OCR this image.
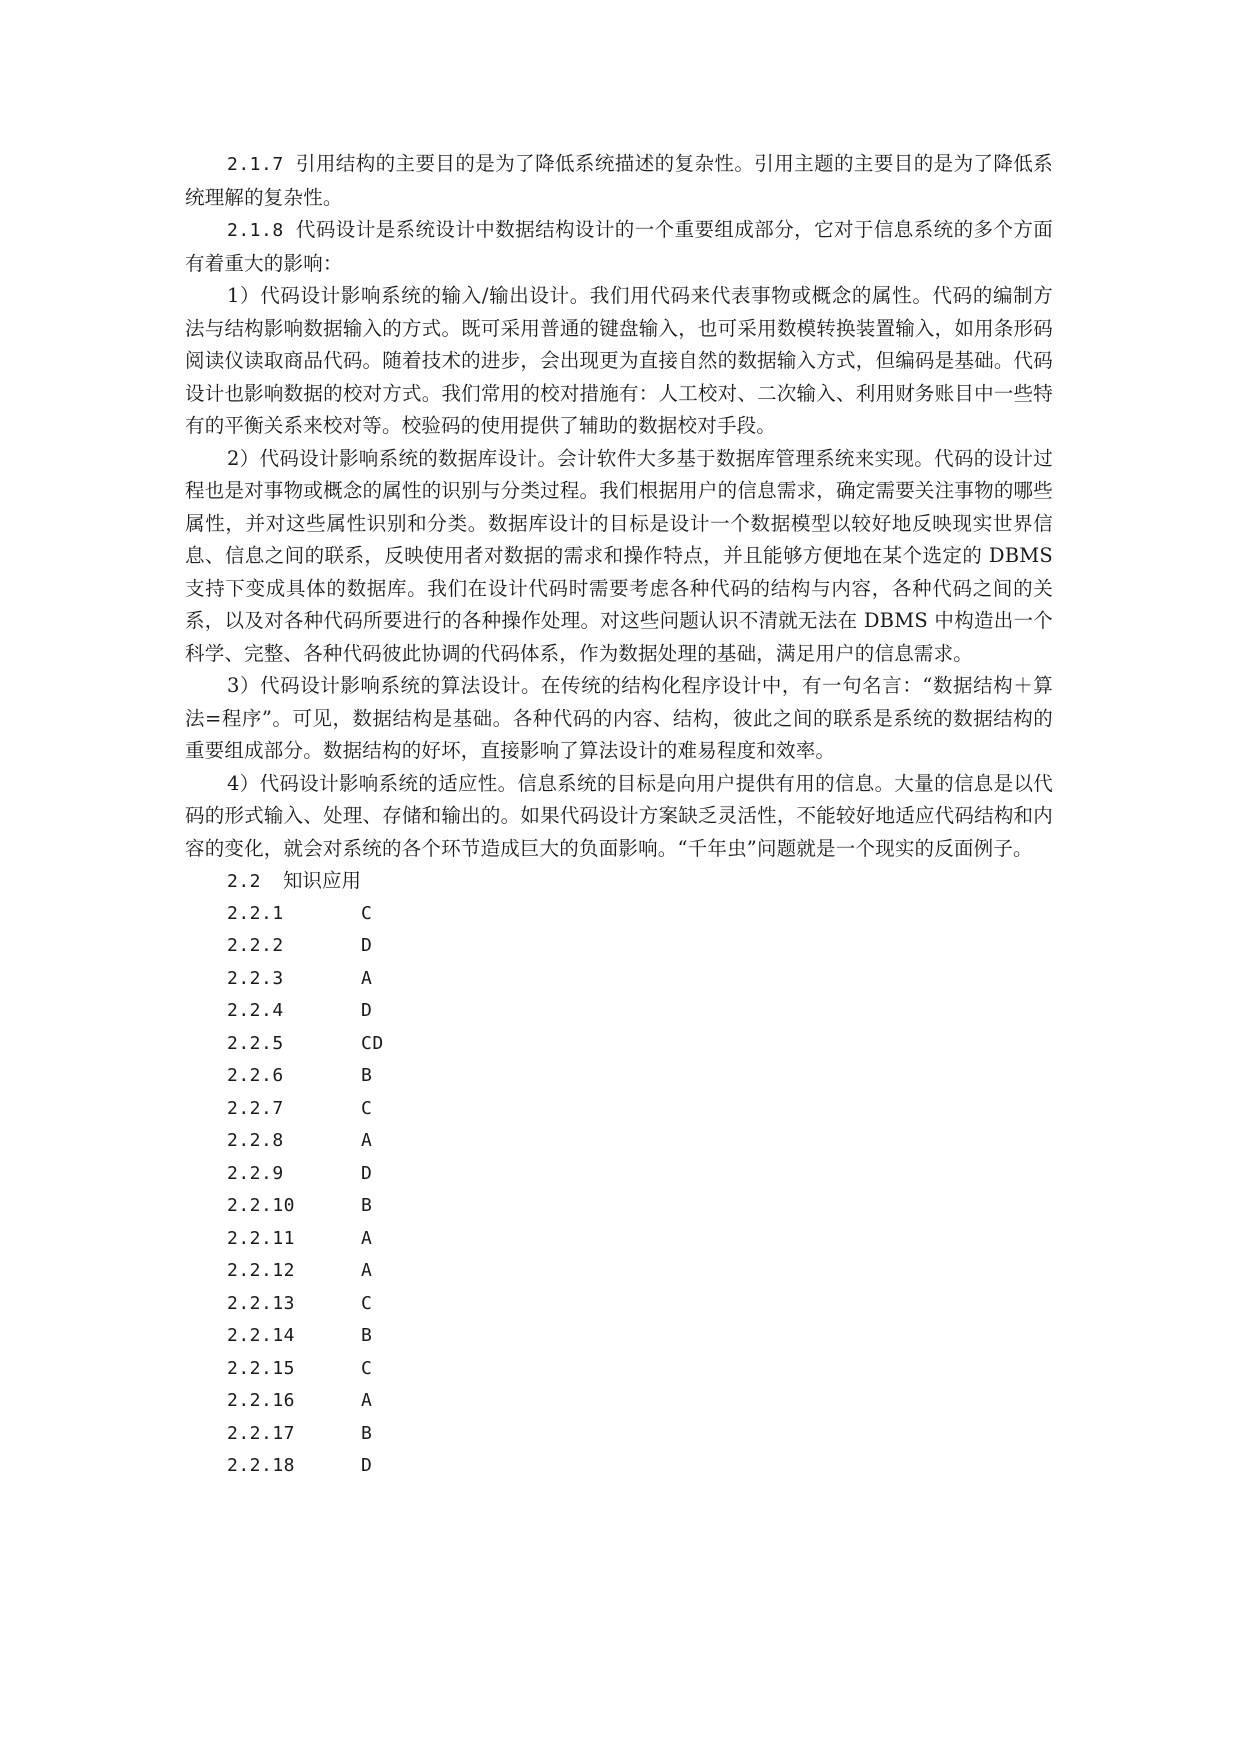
2.1.7 引用结构的主要目的是为了降低系统描述的复杂性。引用主题的主要目的是为了降低系统理解的复杂性。

2.1.8 代码设计是系统设计中数据结构设计的一个重要组成部分，它对于信息系统的多个方面有着重大的影响：

1）代码设计影响系统的输入/输出设计。我们用代码来代表事物或概念的属性。代码的编制方法与结构影响数据输入的方式。既可采用普通的键盘输入，也可采用数模转换装置输入，如用条形码阅读仪读取商品代码。随着技术的进步，会出现更为直接自然的数据输入方式，但编码是基础。代码设计也影响数据的校对方式。我们常用的校对措施有：人工校对、二次输入、利用财务账目中一些特有的平衡关系来校对等。校验码的使用提供了辅助的数据校对手段。

2）代码设计影响系统的数据库设计。会计软件大多基于数据库管理系统来实现。代码的设计过程也是对事物或概念的属性的识别与分类过程。我们根据用户的信息需求，确定需要关注事物的哪些属性，并对这些属性识别和分类。数据库设计的目标是设计一个数据模型以较好地反映现实世界信息、信息之间的联系，反映使用者对数据的需求和操作特点，并且能够方便地在某个选定的 DBMS 支持下变成具体的数据库。我们在设计代码时需要考虑各种代码的结构与内容，各种代码之间的关系，以及对各种代码所要进行的各种操作处理。对这些问题认识不清就无法在 DBMS 中构造出一个科学、完整、各种代码彼此协调的代码体系，作为数据处理的基础，满足用户的信息需求。

3）代码设计影响系统的算法设计。在传统的结构化程序设计中，有一句名言：“数据结构＋算法=程序”。可见，数据结构是基础。各种代码的内容、结构，彼此之间的联系是系统的数据结构的重要组成部分。数据结构的好坏，直接影响了算法设计的难易程度和效率。

4）代码设计影响系统的适应性。信息系统的目标是向用户提供有用的信息。大量的信息是以代码的形式输入、处理、存储和输出的。如果代码设计方案缺乏灵活性，不能较好地适应代码结构和内容的变化，就会对系统的各个环节造成巨大的负面影响。“千年虫”问题就是一个现实的反面例子。

2.2 知识应用
2.2.1	C
2.2.2	D
2.2.3	A
2.2.4	D
2.2.5	CD
2.2.6	B
2.2.7	C
2.2.8	A
2.2.9	D
2.2.10	B
2.2.11	A
2.2.12	A
2.2.13	C
2.2.14	B
2.2.15	C
2.2.16	A
2.2.17	B
2.2.18	D
